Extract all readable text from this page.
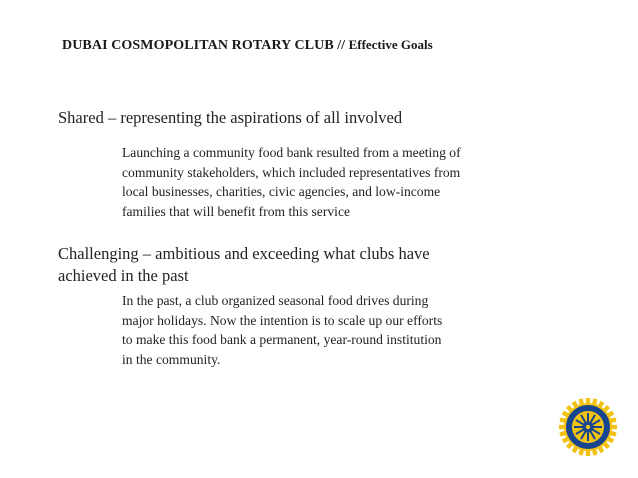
DUBAI COSMOPOLITAN ROTARY CLUB // Effective Goals
Shared – representing the aspirations of all involved
Launching a community food bank resulted from a meeting of
community stakeholders, which included representatives from
local businesses, charities, civic agencies, and low-income
families that will benefit from this service
Challenging – ambitious and exceeding what clubs have
achieved in the past
In the past, a club organized seasonal food drives during
major holidays. Now the intention is to scale up our efforts
to make this food bank a permanent, year-round institution
in the community.
